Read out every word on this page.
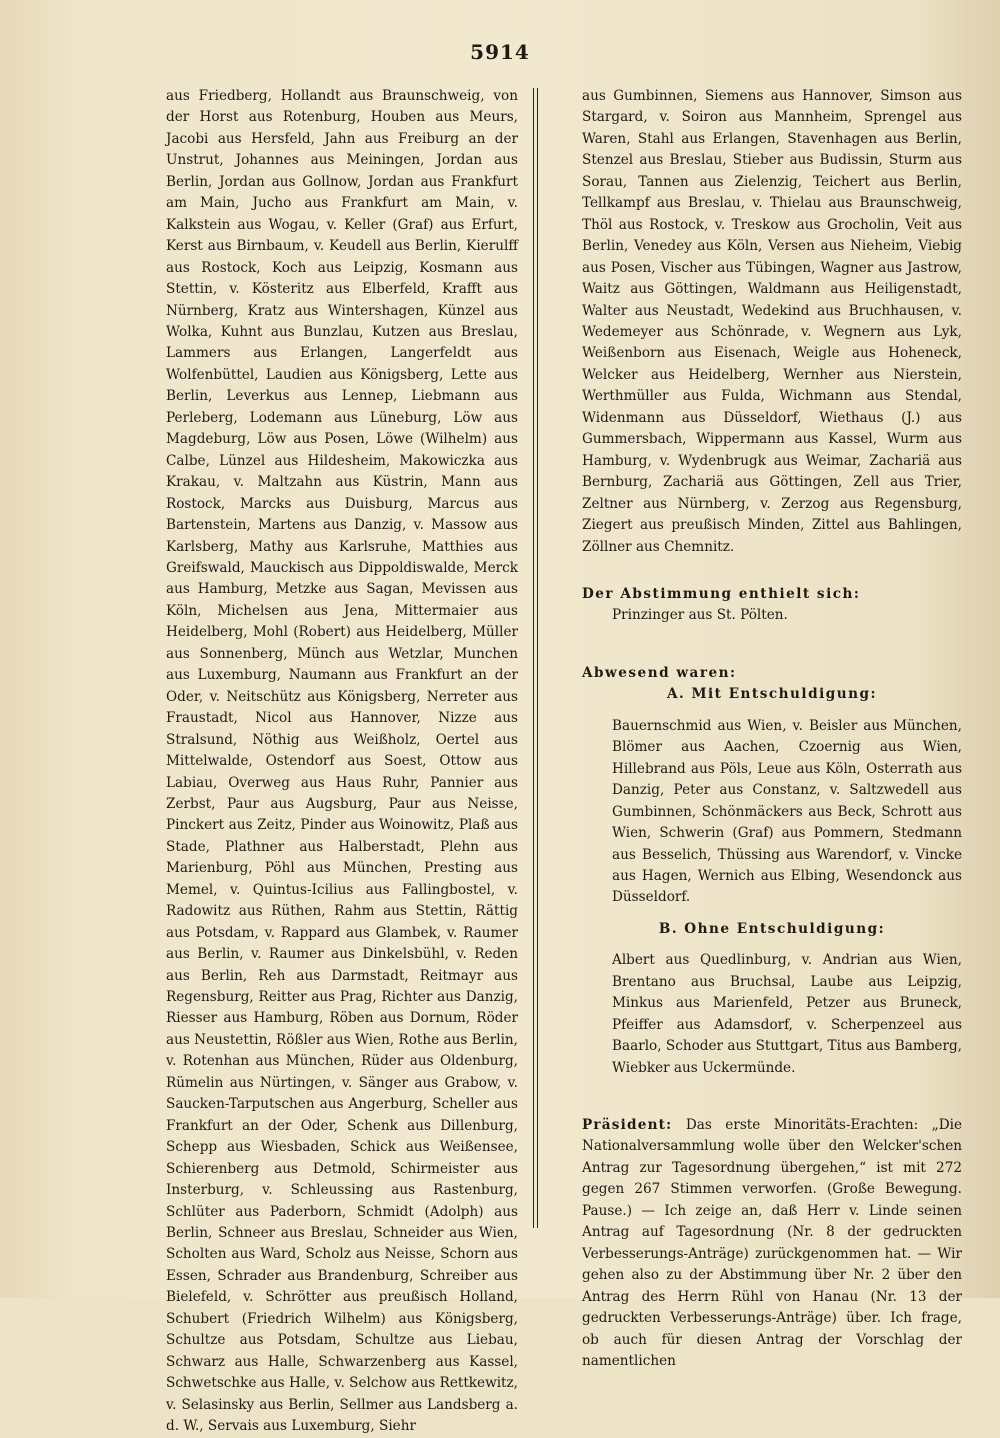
5914

aus Friedberg, Hollandt aus Braunschweig, von der Horst aus Rotenburg, Houben aus Meurs, Jacobi aus Hersfeld, Jahn aus Freiburg an der Unstrut, Johannes aus Meiningen, Jordan aus Berlin, Jordan aus Gollnow, Jordan aus Frankfurt am Main, Jucho aus Frankfurt am Main, v. Kalkstein aus Wogau, v. Keller (Graf) aus Erfurt, Kerst aus Birnbaum, v. Keudell aus Berlin, Kierulff aus Rostock, Koch aus Leipzig, Kosmann aus Stettin, v. Kösteritz aus Elberfeld, Krafft aus Nürnberg, Kratz aus Wintershagen, Künzel aus Wolka, Kuhnt aus Bunzlau, Kutzen aus Breslau, Lammers aus Erlangen, Langerfeldt aus Wolfenbüttel, Laudien aus Königsberg, Lette aus Berlin, Leverkus aus Lennep, Liebmann aus Perleberg, Lodemann aus Lüneburg, Löw aus Magdeburg, Löw aus Posen, Löwe (Wilhelm) aus Calbe, Lünzel aus Hildesheim, Makowiczka aus Krakau, v. Maltzahn aus Küstrin, Mann aus Rostock, Marcks aus Duisburg, Marcus aus Bartenstein, Martens aus Danzig, v. Massow aus Karlsberg, Mathy aus Karlsruhe, Matthies aus Greifswald, Mauckisch aus Dippoldiswalde, Merck aus Hamburg, Metzke aus Sagan, Mevissen aus Köln, Michelsen aus Jena, Mittermaier aus Heidelberg, Mohl (Robert) aus Heidelberg, Müller aus Sonnenberg, Münch aus Wetzlar, Munchen aus Luxemburg, Naumann aus Frankfurt an der Oder, v. Neitschütz aus Königsberg, Nerreter aus Fraustadt, Nicol aus Hannover, Nizze aus Stralsund, Nöthig aus Weißholz, Oertel aus Mittelwalde, Ostendorf aus Soest, Ottow aus Labiau, Overweg aus Haus Ruhr, Pannier aus Zerbst, Paur aus Augsburg, Paur aus Neisse, Pinckert aus Zeitz, Pinder aus Woinowitz, Plaß aus Stade, Plathner aus Halberstadt, Plehn aus Marienburg, Pöhl aus München, Presting aus Memel, v. Quintus-Icilius aus Fallingbostel, v. Radowitz aus Rüthen, Rahm aus Stettin, Rättig aus Potsdam, v. Rappard aus Glambek, v. Raumer aus Berlin, v. Raumer aus Dinkelsbühl, v. Reden aus Berlin, Reh aus Darmstadt, Reitmayr aus Regensburg, Reitter aus Prag, Richter aus Danzig, Riesser aus Hamburg, Röben aus Dornum, Röder aus Neustettin, Rößler aus Wien, Rothe aus Berlin, v. Rotenhan aus München, Rüder aus Oldenburg, Rümelin aus Nürtingen, v. Sänger aus Grabow, v. Saucken-Tarputschen aus Angerburg, Scheller aus Frankfurt an der Oder, Schenk aus Dillenburg, Schepp aus Wiesbaden, Schick aus Weißensee, Schierenberg aus Detmold, Schirmeister aus Insterburg, v. Schleussing aus Rastenburg, Schlüter aus Paderborn, Schmidt (Adolph) aus Berlin, Schneer aus Breslau, Schneider aus Wien, Scholten aus Ward, Scholz aus Neisse, Schorn aus Essen, Schrader aus Brandenburg, Schreiber aus Bielefeld, v. Schrötter aus preußisch Holland, Schubert (Friedrich Wilhelm) aus Königsberg, Schultze aus Potsdam, Schultze aus Liebau, Schwarz aus Halle, Schwarzenberg aus Kassel, Schwetschke aus Halle, v. Selchow aus Rettkewitz, v. Selasinsky aus Berlin, Sellmer aus Landsberg a. d. W., Servais aus Luxemburg, Siehr

aus Gumbinnen, Siemens aus Hannover, Simson aus Stargard, v. Soiron aus Mannheim, Sprengel aus Waren, Stahl aus Erlangen, Stavenhagen aus Berlin, Stenzel aus Breslau, Stieber aus Budissin, Sturm aus Sorau, Tannen aus Zielenzig, Teichert aus Berlin, Tellkampf aus Breslau, v. Thielau aus Braunschweig, Thöl aus Rostock, v. Treskow aus Grocholin, Veit aus Berlin, Venedey aus Köln, Versen aus Nieheim, Viebig aus Posen, Vischer aus Tübingen, Wagner aus Jastrow, Waitz aus Göttingen, Waldmann aus Heiligenstadt, Walter aus Neustadt, Wedekind aus Bruchhausen, v. Wedemeyer aus Schönrade, v. Wegnern aus Lyk, Weißenborn aus Eisenach, Weigle aus Hoheneck, Welcker aus Heidelberg, Wernher aus Nierstein, Werthmüller aus Fulda, Wichmann aus Stendal, Widenmann aus Düsseldorf, Wiethaus (J.) aus Gummersbach, Wippermann aus Kassel, Wurm aus Hamburg, v. Wydenbrugk aus Weimar, Zachariä aus Bernburg, Zachariä aus Göttingen, Zell aus Trier, Zeltner aus Nürnberg, v. Zerzog aus Regensburg, Ziegert aus preußisch Minden, Zittel aus Bahlingen, Zöllner aus Chemnitz.

Der Abstimmung enthielt sich:

Prinzinger aus St. Pölten.

Abwesend waren:

A. Mit Entschuldigung:

Bauernschmid aus Wien, v. Beisler aus München, Blömer aus Aachen, Czoernig aus Wien, Hillebrand aus Pöls, Leue aus Köln, Osterrath aus Danzig, Peter aus Constanz, v. Saltzwedell aus Gumbinnen, Schönmäckers aus Beck, Schrott aus Wien, Schwerin (Graf) aus Pommern, Stedmann aus Besselich, Thüssing aus Warendorf, v. Vincke aus Hagen, Wernich aus Elbing, Wesendonck aus Düsseldorf.

B. Ohne Entschuldigung:

Albert aus Quedlinburg, v. Andrian aus Wien, Brentano aus Bruchsal, Laube aus Leipzig, Minkus aus Marienfeld, Petzer aus Bruneck, Pfeiffer aus Adamsdorf, v. Scherpenzeel aus Baarlo, Schoder aus Stuttgart, Titus aus Bamberg, Wiebker aus Uckermünde.

Präsident: Das erste Minoritäts-Erachten: „Die Nationalversammlung wolle über den Welcker'schen Antrag zur Tagesordnung übergehen,“ ist mit 272 gegen 267 Stimmen verworfen. (Große Bewegung. Pause.) — Ich zeige an, daß Herr v. Linde seinen Antrag auf Tagesordnung (Nr. 8 der gedruckten Verbesserungs-Anträge) zurückgenommen hat. — Wir gehen also zu der Abstimmung über Nr. 2 über den Antrag des Herrn Rühl von Hanau (Nr. 13 der gedruckten Verbesserungs-Anträge) über. Ich frage, ob auch für diesen Antrag der Vorschlag der namentlichen
